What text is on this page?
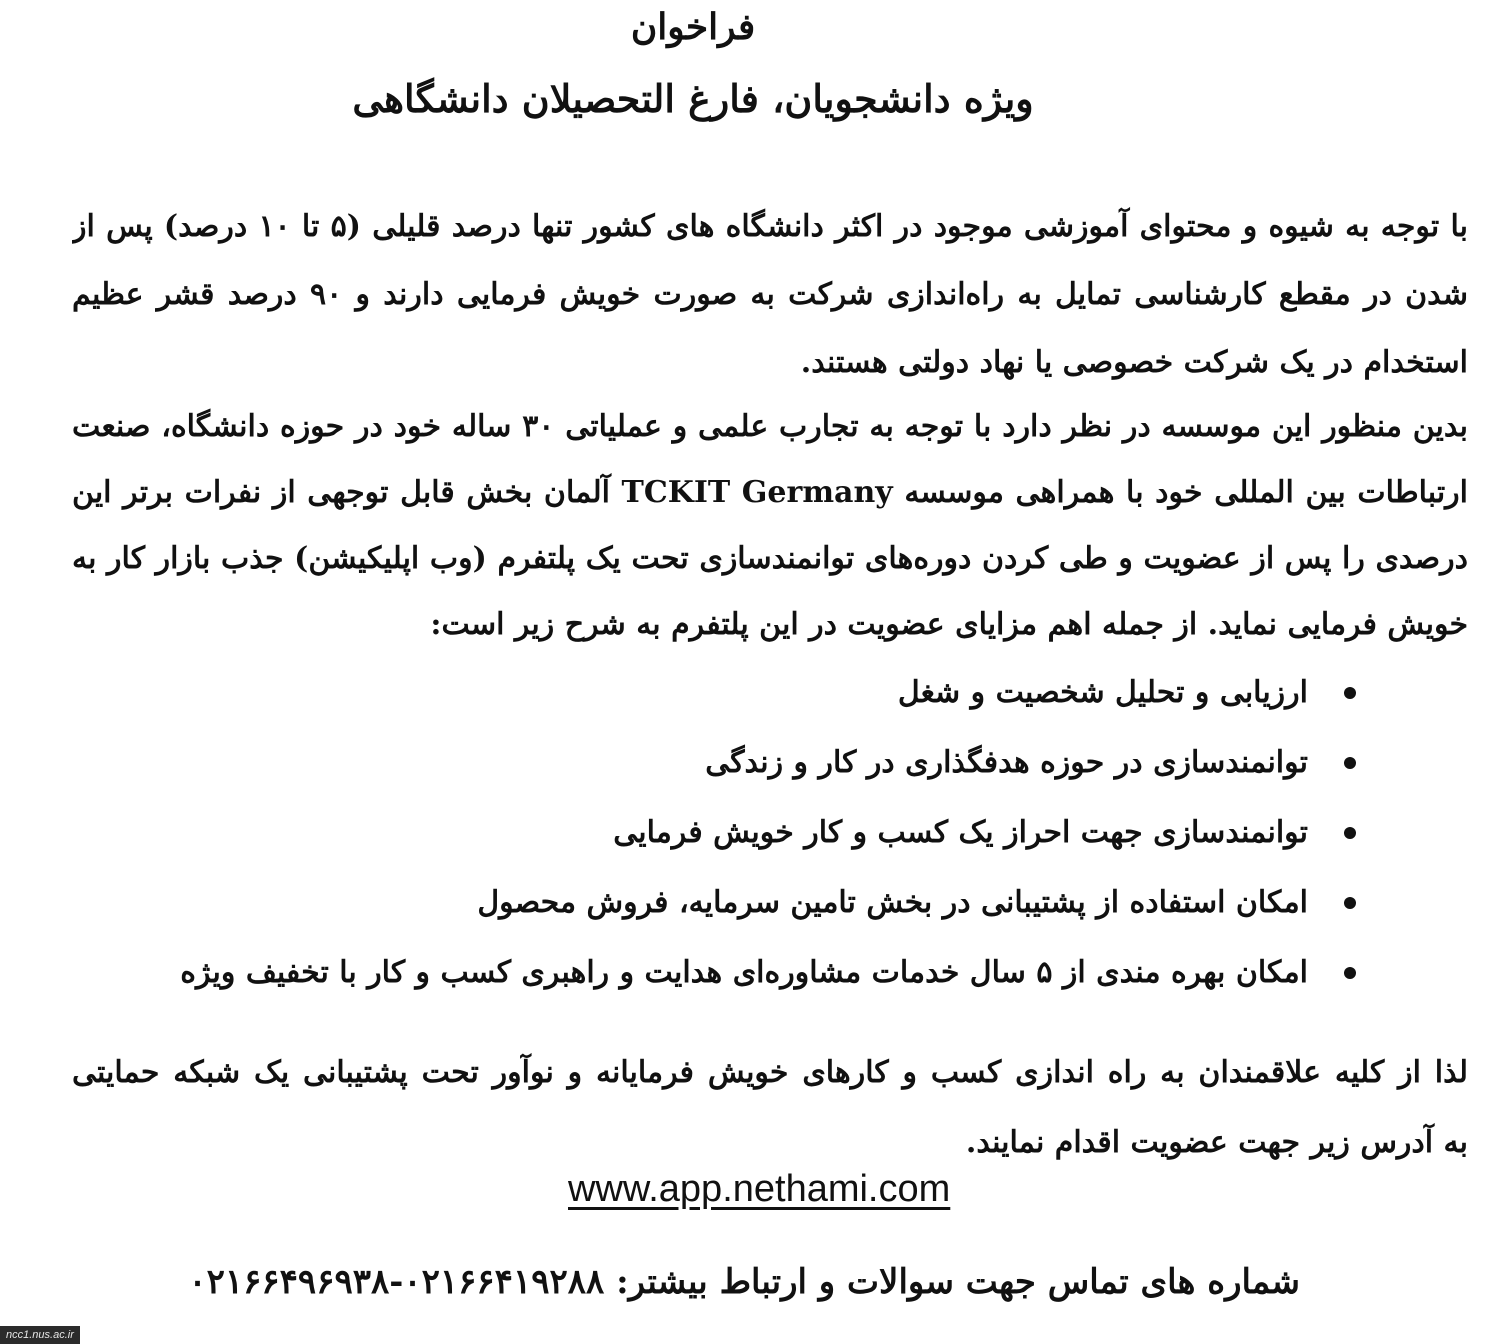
فراخوان
ویژه دانشجویان، فارغ التحصیلان دانشگاهی
با توجه به شیوه و محتوای آموزشی موجود در اکثر دانشگاه های کشور تنها درصد قلیلی (۵ تا ۱۰ درصد) پس از
شدن در مقطع کارشناسی تمایل به راه‌اندازی شرکت به صورت خویش فرمایی دارند و ۹۰ درصد قشر عظیم
استخدام در یک شرکت خصوصی یا نهاد دولتی هستند.
بدین منظور این موسسه در نظر دارد با توجه به تجارب علمی و عملیاتی ۳۰ ساله خود در حوزه دانشگاه، صنعت
ارتباطات بین المللی خود با همراهی موسسه TCKIT Germany آلمان بخش قابل توجهی از نفرات برتر این
درصدی را پس از عضویت و طی کردن دوره‌های توانمندسازی تحت یک پلتفرم (وب اپلیکیشن) جذب بازار کار به
خویش فرمایی نماید. از جمله اهم مزایای عضویت در این پلتفرم به شرح زیر است:
ارزیابی و تحلیل شخصیت و شغل
توانمندسازی در حوزه هدفگذاری در کار و زندگی
توانمندسازی جهت احراز یک کسب و کار خویش فرمایی
امکان استفاده از پشتیبانی در بخش تامین سرمایه، فروش محصول
امکان بهره مندی از ۵ سال خدمات مشاوره‌ای هدایت و راهبری کسب و کار با تخفیف ویژه
لذا از کلیه علاقمندان به راه اندازی کسب و کارهای خویش فرمایانه و نوآور تحت پشتیبانی یک شبکه حمایتی
به آدرس زیر جهت عضویت اقدام نمایند.
www.app.nethami.com
شماره های تماس جهت سوالات و ارتباط بیشتر: ۰۲۱۶۶۴۱۹۲۸۸-۰۲۱۶۶۴۹۶۹۳۸
ncc1.nus.ac.ir
